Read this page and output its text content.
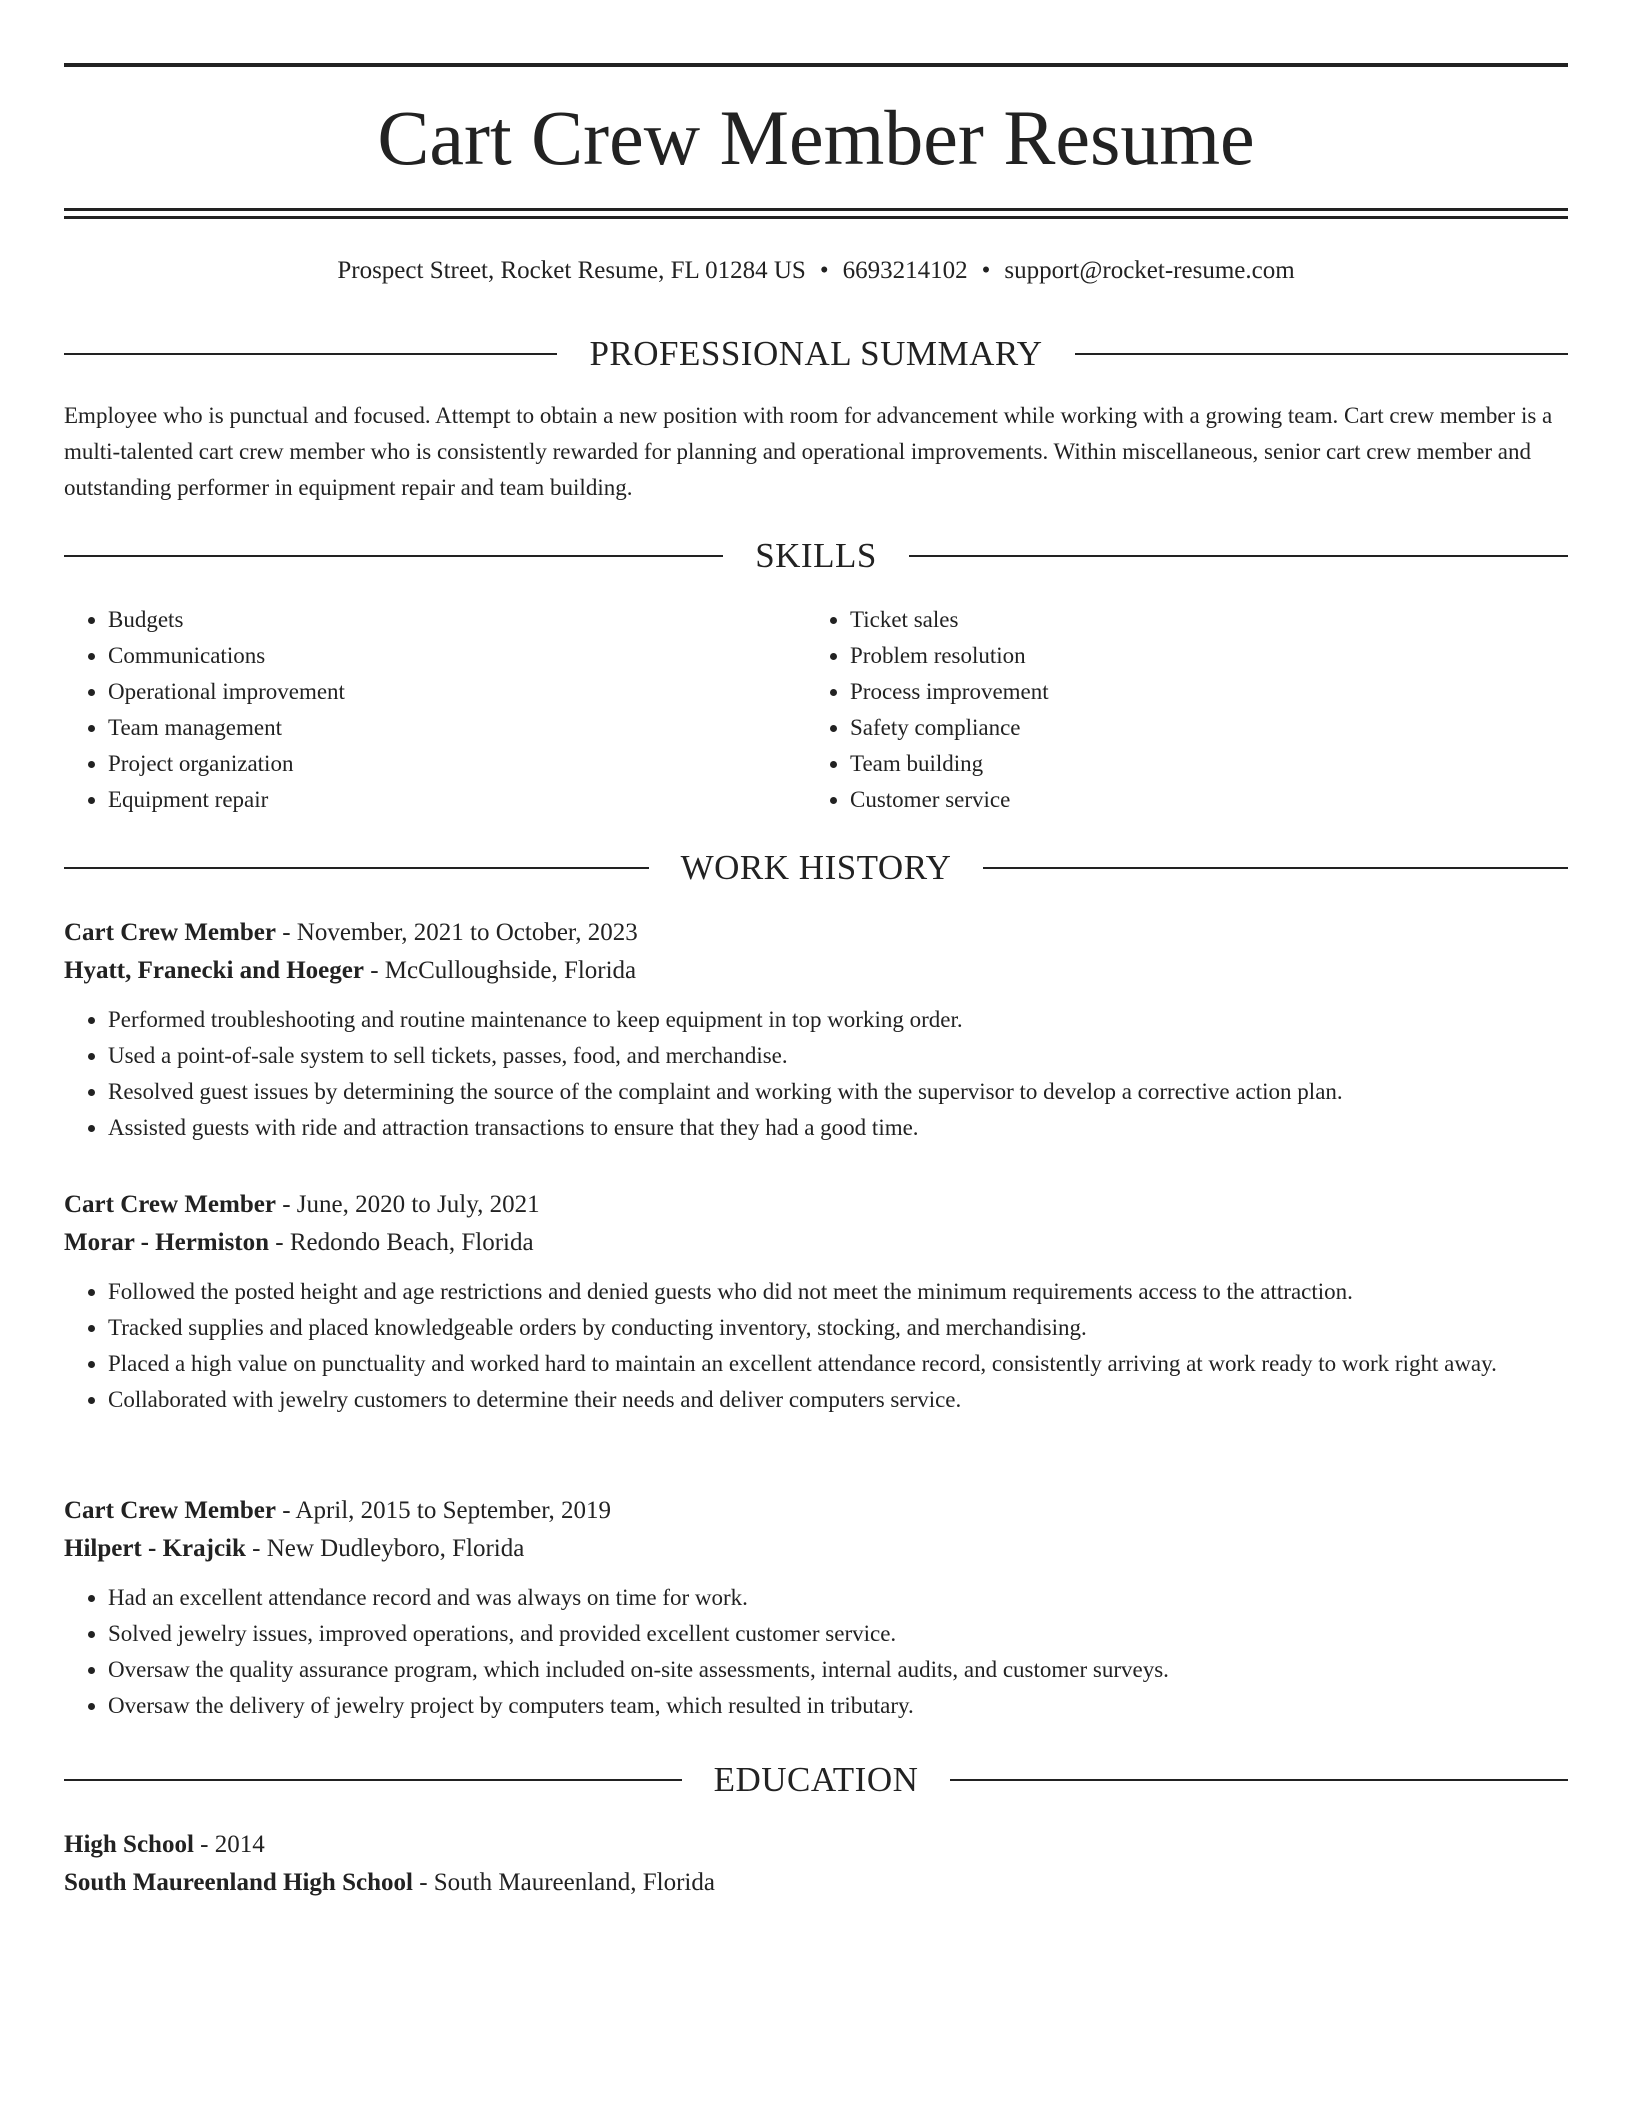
Cart Crew Member Resume
Prospect Street, Rocket Resume, FL 01284 US • 6693214102 • support@rocket-resume.com
PROFESSIONAL SUMMARY
Employee who is punctual and focused. Attempt to obtain a new position with room for advancement while working with a growing team. Cart crew member is a multi-talented cart crew member who is consistently rewarded for planning and operational improvements. Within miscellaneous, senior cart crew member and outstanding performer in equipment repair and team building.
SKILLS
• Budgets
• Communications
• Operational improvement
• Team management
• Project organization
• Equipment repair
• Ticket sales
• Problem resolution
• Process improvement
• Safety compliance
• Team building
• Customer service
WORK HISTORY
Cart Crew Member - November, 2021 to October, 2023
Hyatt, Franecki and Hoeger - McCulloughside, Florida
• Performed troubleshooting and routine maintenance to keep equipment in top working order.
• Used a point-of-sale system to sell tickets, passes, food, and merchandise.
• Resolved guest issues by determining the source of the complaint and working with the supervisor to develop a corrective action plan.
• Assisted guests with ride and attraction transactions to ensure that they had a good time.
Cart Crew Member - June, 2020 to July, 2021
Morar - Hermiston - Redondo Beach, Florida
• Followed the posted height and age restrictions and denied guests who did not meet the minimum requirements access to the attraction.
• Tracked supplies and placed knowledgeable orders by conducting inventory, stocking, and merchandising.
• Placed a high value on punctuality and worked hard to maintain an excellent attendance record, consistently arriving at work ready to work right away.
• Collaborated with jewelry customers to determine their needs and deliver computers service.
Cart Crew Member - April, 2015 to September, 2019
Hilpert - Krajcik - New Dudleyboro, Florida
• Had an excellent attendance record and was always on time for work.
• Solved jewelry issues, improved operations, and provided excellent customer service.
• Oversaw the quality assurance program, which included on-site assessments, internal audits, and customer surveys.
• Oversaw the delivery of jewelry project by computers team, which resulted in tributary.
EDUCATION
High School - 2014
South Maureenland High School - South Maureenland, Florida
